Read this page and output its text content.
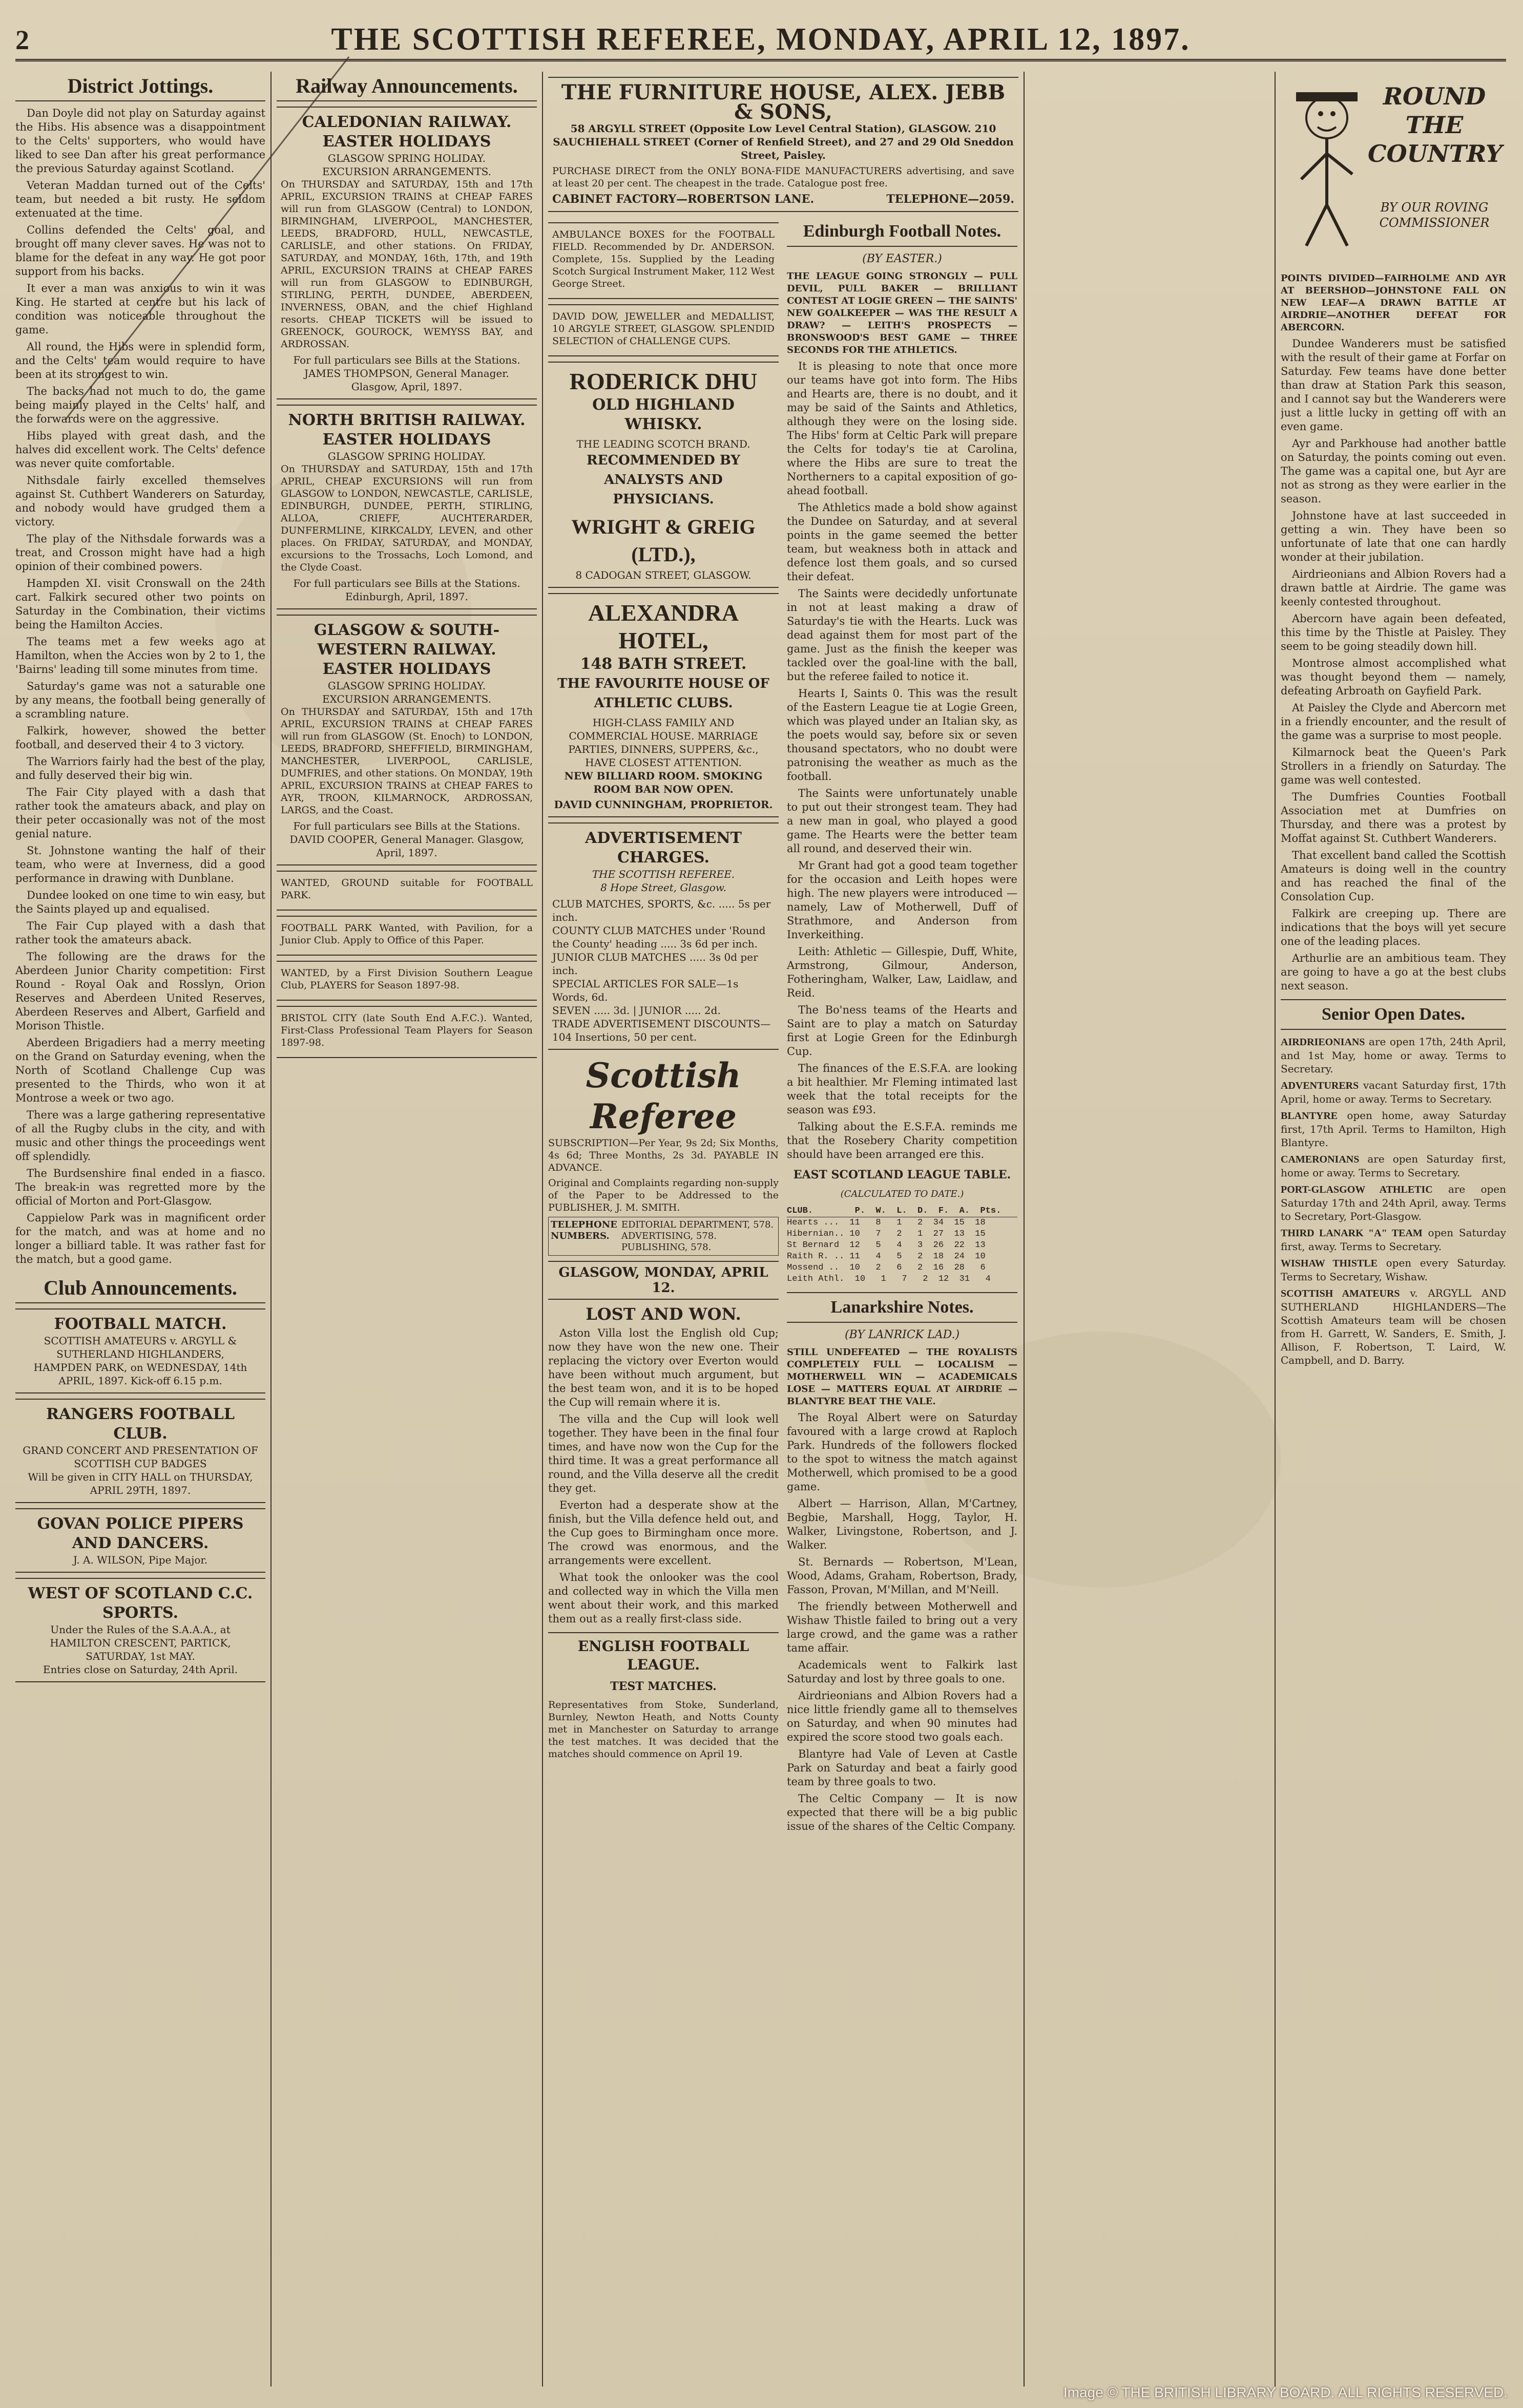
2	THE SCOTTISH REFEREE, MONDAY, APRIL 12, 1897.
District Jottings.

Dan Doyle did not play on Saturday against the Hibs. His absence was a disappointment to the Celts' supporters, who would have liked to see Dan after his great performance the previous Saturday against Scotland.

Veteran Maddan turned out of the Celts' team, but needed a bit rusty. He seldom extenuated at the time.

Collins defended the Celts' goal, and brought off many clever saves. He was not to blame for the defeat in any way. He got poor support from his backs.

It ever a man was anxious to win it was King. He started at centre but his lack of condition was noticeable throughout the game.

All round, the Hibs were in splendid form, and the Celts' team would require to have been at its strongest to win.

The backs had not much to do, the game being mainly played in the Celts' half, and the forwards were on the aggressive.

Hibs played with great dash, and the halves did excellent work. The Celts' defence was never quite comfortable.

Nithsdale fairly excelled themselves against St. Cuthbert Wanderers on Saturday, and nobody would have grudged them a victory.

The play of the Nithsdale forwards was a treat, and Crosson might have had a high opinion of their combined powers.

Hampden XI. visit Cronswall on the 24th cart. Falkirk secured other two points on Saturday in the Combination, their victims being the Hamilton Accies.

The teams met a few weeks ago at Hamilton, when the Accies won by 2 to 1, the 'Bairns' leading till some minutes from time.

Saturday's game was not a saturable one by any means, the football being generally of a scrambling nature.

Falkirk, however, showed the better football, and deserved their 4 to 3 victory.

The Warriors fairly had the best of the play, and fully deserved their big win.

The Fair City played with a dash that rather took the amateurs aback, and play on their peter occasionally was not of the most genial nature.

St. Johnstone wanting the half of their team, who were at Inverness, did a good performance in drawing with Dunblane.

Dundee looked on one time to win easy, but the Saints played up and equalised.

The Fair Cup played with a dash that rather took the amateurs aback.

The following are the draws for the Aberdeen Junior Charity competition: First Round - Royal Oak and Rosslyn, Orion Reserves and Aberdeen United Reserves, Aberdeen Reserves and Albert, Garfield and Morison Thistle.

Aberdeen Brigadiers had a merry meeting on the Grand on Saturday evening, when the North of Scotland Challenge Cup was presented to the Thirds, who won it at Montrose a week or two ago.

There was a large gathering representative of all the Rugby clubs in the city, and with music and other things the proceedings went off splendidly.

The Burdsenshire final ended in a fiasco. The break-in was regretted more by the official of Morton and Port-Glasgow.

Cappielow Park was in magnificent order for the match, and was at home and no longer a billiard table. It was rather fast for the match, but a good game.

Club Announcements.
FOOTBALL MATCH.
SCOTTISH AMATEURS v. ARGYLL & SUTHERLAND HIGHLANDERS,
HAMPDEN PARK, on WEDNESDAY, 14th APRIL, 1897. Kick-off 6.15 p.m.
RANGERS FOOTBALL CLUB.
GRAND CONCERT AND PRESENTATION OF SCOTTISH CUP BADGES
Will be given in CITY HALL on THURSDAY, APRIL 29TH, 1897.
GOVAN POLICE PIPERS AND DANCERS.
J. A. WILSON, Pipe Major.
WEST OF SCOTLAND C.C. SPORTS.
Under the Rules of the S.A.A.A., at HAMILTON CRESCENT, PARTICK, SATURDAY, 1st MAY.
Entries close on Saturday, 24th April.
Railway Announcements.
CALEDONIAN RAILWAY.
EASTER HOLIDAYS
GLASGOW SPRING HOLIDAY.
EXCURSION ARRANGEMENTS.
On THURSDAY and SATURDAY, 15th and 17th APRIL, EXCURSION TRAINS at CHEAP FARES will run from GLASGOW (Central) to LONDON, BIRMINGHAM, LIVERPOOL, MANCHESTER, LEEDS, BRADFORD, HULL, NEWCASTLE, CARLISLE, and other stations. On FRIDAY, SATURDAY, and MONDAY, 16th, 17th, and 19th APRIL, EXCURSION TRAINS at CHEAP FARES will run from GLASGOW to EDINBURGH, STIRLING, PERTH, DUNDEE, ABERDEEN, INVERNESS, OBAN, and the chief Highland resorts. CHEAP TICKETS will be issued to GREENOCK, GOUROCK, WEMYSS BAY, and ARDROSSAN.
For full particulars see Bills at the Stations.
JAMES THOMPSON, General Manager. Glasgow, April, 1897.
NORTH BRITISH RAILWAY.
EASTER HOLIDAYS
GLASGOW SPRING HOLIDAY.
On THURSDAY and SATURDAY, 15th and 17th APRIL, CHEAP EXCURSIONS will run from GLASGOW to LONDON, NEWCASTLE, CARLISLE, EDINBURGH, DUNDEE, PERTH, STIRLING, ALLOA, CRIEFF, AUCHTERARDER, DUNFERMLINE, KIRKCALDY, LEVEN, and other places. On FRIDAY, SATURDAY, and MONDAY, excursions to the Trossachs, Loch Lomond, and the Clyde Coast.
For full particulars see Bills at the Stations.
Edinburgh, April, 1897.
GLASGOW & SOUTH-WESTERN RAILWAY.
EASTER HOLIDAYS
GLASGOW SPRING HOLIDAY.
EXCURSION ARRANGEMENTS.
On THURSDAY and SATURDAY, 15th and 17th APRIL, EXCURSION TRAINS at CHEAP FARES will run from GLASGOW (St. Enoch) to LONDON, LEEDS, BRADFORD, SHEFFIELD, BIRMINGHAM, MANCHESTER, LIVERPOOL, CARLISLE, DUMFRIES, and other stations. On MONDAY, 19th APRIL, EXCURSION TRAINS at CHEAP FARES to AYR, TROON, KILMARNOCK, ARDROSSAN, LARGS, and the Coast.
For full particulars see Bills at the Stations.
DAVID COOPER, General Manager. Glasgow, April, 1897.
WANTED, GROUND suitable for FOOTBALL PARK.
FOOTBALL PARK Wanted, with Pavilion, for a Junior Club. Apply to Office of this Paper.
WANTED, by a First Division Southern League Club, PLAYERS for Season 1897-98.
BRISTOL CITY (late South End A.F.C.). Wanted, First-Class Professional Team Players for Season 1897-98.
THE FURNITURE HOUSE, ALEX. JEBB & SONS,
58 ARGYLL STREET (Opposite Low Level Central Station), GLASGOW. 210 SAUCHIEHALL STREET (Corner of Renfield Street), and 27 and 29 Old Sneddon Street, Paisley.
PURCHASE DIRECT from the ONLY BONA-FIDE MANUFACTURERS advertising, and save at least 20 per cent. The cheapest in the trade. Catalogue post free.
CABINET FACTORY—ROBERTSON LANE.	TELEPHONE—2059.
AMBULANCE BOXES for the FOOTBALL FIELD. Recommended by Dr. ANDERSON. Complete, 15s. Supplied by the Leading Scotch Surgical Instrument Maker, 112 West George Street.
DAVID DOW, JEWELLER and MEDALLIST, 10 ARGYLE STREET, GLASGOW. SPLENDID SELECTION of CHALLENGE CUPS.
RODERICK DHU
OLD HIGHLAND WHISKY.
THE LEADING SCOTCH BRAND.
RECOMMENDED BY
ANALYSTS AND PHYSICIANS.
WRIGHT & GREIG (LTD.),
8 CADOGAN STREET, GLASGOW.
ALEXANDRA HOTEL,
148 BATH STREET.
THE FAVOURITE HOUSE OF ATHLETIC CLUBS.
HIGH-CLASS FAMILY AND COMMERCIAL HOUSE. MARRIAGE PARTIES, DINNERS, SUPPERS, &c., HAVE CLOSEST ATTENTION.
NEW BILLIARD ROOM. SMOKING ROOM BAR NOW OPEN.
DAVID CUNNINGHAM, PROPRIETOR.
ADVERTISEMENT CHARGES.
THE SCOTTISH REFEREE.
8 Hope Street, Glasgow.
CLUB MATCHES, SPORTS, &c. ..... 5s per inch.
COUNTY CLUB MATCHES under 'Round the County' heading ..... 3s 6d per inch.
JUNIOR CLUB MATCHES ..... 3s 0d per inch.
SPECIAL ARTICLES FOR SALE—1s Words, 6d.
SEVEN ..... 3d. | JUNIOR ..... 2d.
TRADE ADVERTISEMENT DISCOUNTS—104 Insertions, 50 per cent.
Scottish Referee
SUBSCRIPTION—Per Year, 9s 2d; Six Months, 4s 6d; Three Months, 2s 3d. PAYABLE IN ADVANCE.
Original and Complaints regarding non-supply of the Paper to be Addressed to the PUBLISHER, J. M. SMITH.
TELEPHONE NUMBERS.
EDITORIAL DEPARTMENT, 578. ADVERTISING, 578. PUBLISHING, 578.
GLASGOW, MONDAY, APRIL 12.
LOST AND WON.

Aston Villa lost the English old Cup; now they have won the new one. Their replacing the victory over Everton would have been without much argument, but the best team won, and it is to be hoped the Cup will remain where it is.

The villa and the Cup will look well together. They have been in the final four times, and have now won the Cup for the third time. It was a great performance all round, and the Villa deserve all the credit they get.

Everton had a desperate show at the finish, but the Villa defence held out, and the Cup goes to Birmingham once more. The crowd was enormous, and the arrangements were excellent.

What took the onlooker was the cool and collected way in which the Villa men went about their work, and this marked them out as a really first-class side.

ENGLISH FOOTBALL LEAGUE.
TEST MATCHES.
Representatives from Stoke, Sunderland, Burnley, Newton Heath, and Notts County met in Manchester on Saturday to arrange the test matches. It was decided that the matches should commence on April 19.
Edinburgh Football Notes.
(BY EASTER.)
THE LEAGUE GOING STRONGLY — PULL DEVIL, PULL BAKER — BRILLIANT CONTEST AT LOGIE GREEN — THE SAINTS' NEW GOALKEEPER — WAS THE RESULT A DRAW? — LEITH'S PROSPECTS — BRONSWOOD'S BEST GAME — THREE SECONDS FOR THE ATHLETICS.

It is pleasing to note that once more our teams have got into form. The Hibs and Hearts are, there is no doubt, and it may be said of the Saints and Athletics, although they were on the losing side. The Hibs' form at Celtic Park will prepare the Celts for today's tie at Carolina, where the Hibs are sure to treat the Northerners to a capital exposition of go-ahead football.

The Athletics made a bold show against the Dundee on Saturday, and at several points in the game seemed the better team, but weakness both in attack and defence lost them goals, and so cursed their defeat.

The Saints were decidedly unfortunate in not at least making a draw of Saturday's tie with the Hearts. Luck was dead against them for most part of the game. Just as the finish the keeper was tackled over the goal-line with the ball, but the referee failed to notice it.

Hearts I, Saints 0. This was the result of the Eastern League tie at Logie Green, which was played under an Italian sky, as the poets would say, before six or seven thousand spectators, who no doubt were patronising the weather as much as the football.

The Saints were unfortunately unable to put out their strongest team. They had a new man in goal, who played a good game. The Hearts were the better team all round, and deserved their win.

Mr Grant had got a good team together for the occasion and Leith hopes were high. The new players were introduced — namely, Law of Motherwell, Duff of Strathmore, and Anderson from Inverkeithing.

Leith: Athletic — Gillespie, Duff, White, Armstrong, Gilmour, Anderson, Fotheringham, Walker, Law, Laidlaw, and Reid.

The Bo'ness teams of the Hearts and Saint are to play a match on Saturday first at Logie Green for the Edinburgh Cup.

The finances of the E.S.F.A. are looking a bit healthier. Mr Fleming intimated last week that the total receipts for the season was £93.

Talking about the E.S.F.A. reminds me that the Rosebery Charity competition should have been arranged ere this.

EAST SCOTLAND LEAGUE TABLE.
(CALCULATED TO DATE.)
CLUB.        P.  W.  L.  D.  F.  A.  Pts.
Hearts ...  11   8   1   2  34  15  18
Hibernian.. 10   7   2   1  27  13  15
St Bernard  12   5   4   3  26  22  13
Raith R. .. 11   4   5   2  18  24  10
Mossend ..  10   2   6   2  16  28   6
Leith Athl.  10   1   7   2  12  31   4
Lanarkshire Notes.
(BY LANRICK LAD.)
STILL UNDEFEATED — THE ROYALISTS COMPLETELY FULL — LOCALISM — MOTHERWELL WIN — ACADEMICALS LOSE — MATTERS EQUAL AT AIRDRIE — BLANTYRE BEAT THE VALE.

The Royal Albert were on Saturday favoured with a large crowd at Raploch Park. Hundreds of the followers flocked to the spot to witness the match against Motherwell, which promised to be a good game.

Albert — Harrison, Allan, M'Cartney, Begbie, Marshall, Hogg, Taylor, H. Walker, Livingstone, Robertson, and J. Walker.

St. Bernards — Robertson, M'Lean, Wood, Adams, Graham, Robertson, Brady, Fasson, Provan, M'Millan, and M'Neill.

The friendly between Motherwell and Wishaw Thistle failed to bring out a very large crowd, and the game was a rather tame affair.

Academicals went to Falkirk last Saturday and lost by three goals to one.

Airdrieonians and Albion Rovers had a nice little friendly game all to themselves on Saturday, and when 90 minutes had expired the score stood two goals each.

Blantyre had Vale of Leven at Castle Park on Saturday and beat a fairly good team by three goals to two.

The Celtic Company — It is now expected that there will be a big public issue of the shares of the Celtic Company.

ROUND THE COUNTRY
BY OUR ROVING COMMISSIONER
POINTS DIVIDED—FAIRHOLME AND AYR AT BEERSHOD—JOHNSTONE FALL ON NEW LEAF—A DRAWN BATTLE AT AIRDRIE—ANOTHER DEFEAT FOR ABERCORN.

Dundee Wanderers must be satisfied with the result of their game at Forfar on Saturday. Few teams have done better than draw at Station Park this season, and I cannot say but the Wanderers were just a little lucky in getting off with an even game.

Ayr and Parkhouse had another battle on Saturday, the points coming out even. The game was a capital one, but Ayr are not as strong as they were earlier in the season.

Johnstone have at last succeeded in getting a win. They have been so unfortunate of late that one can hardly wonder at their jubilation.

Airdrieonians and Albion Rovers had a drawn battle at Airdrie. The game was keenly contested throughout.

Abercorn have again been defeated, this time by the Thistle at Paisley. They seem to be going steadily down hill.

Montrose almost accomplished what was thought beyond them — namely, defeating Arbroath on Gayfield Park.

At Paisley the Clyde and Abercorn met in a friendly encounter, and the result of the game was a surprise to most people.

Kilmarnock beat the Queen's Park Strollers in a friendly on Saturday. The game was well contested.

The Dumfries Counties Football Association met at Dumfries on Thursday, and there was a protest by Moffat against St. Cuthbert Wanderers.

That excellent band called the Scottish Amateurs is doing well in the country and has reached the final of the Consolation Cup.

Falkirk are creeping up. There are indications that the boys will yet secure one of the leading places.

Arthurlie are an ambitious team. They are going to have a go at the best clubs next season.

Senior Open Dates.
AIRDRIEONIANS are open 17th, 24th April, and 1st May, home or away. Terms to Secretary.
ADVENTURERS vacant Saturday first, 17th April, home or away. Terms to Secretary.
BLANTYRE open home, away Saturday first, 17th April. Terms to Hamilton, High Blantyre.
CAMERONIANS are open Saturday first, home or away. Terms to Secretary.
PORT-GLASGOW ATHLETIC are open Saturday 17th and 24th April, away. Terms to Secretary, Port-Glasgow.
THIRD LANARK "A" TEAM open Saturday first, away. Terms to Secretary.
WISHAW THISTLE open every Saturday. Terms to Secretary, Wishaw.
SCOTTISH AMATEURS v. ARGYLL AND SUTHERLAND HIGHLANDERS—The Scottish Amateurs team will be chosen from H. Garrett, W. Sanders, E. Smith, J. Allison, F. Robertson, T. Laird, W. Campbell, and D. Barry.
Image © THE BRITISH LIBRARY BOARD. ALL RIGHTS RESERVED.
